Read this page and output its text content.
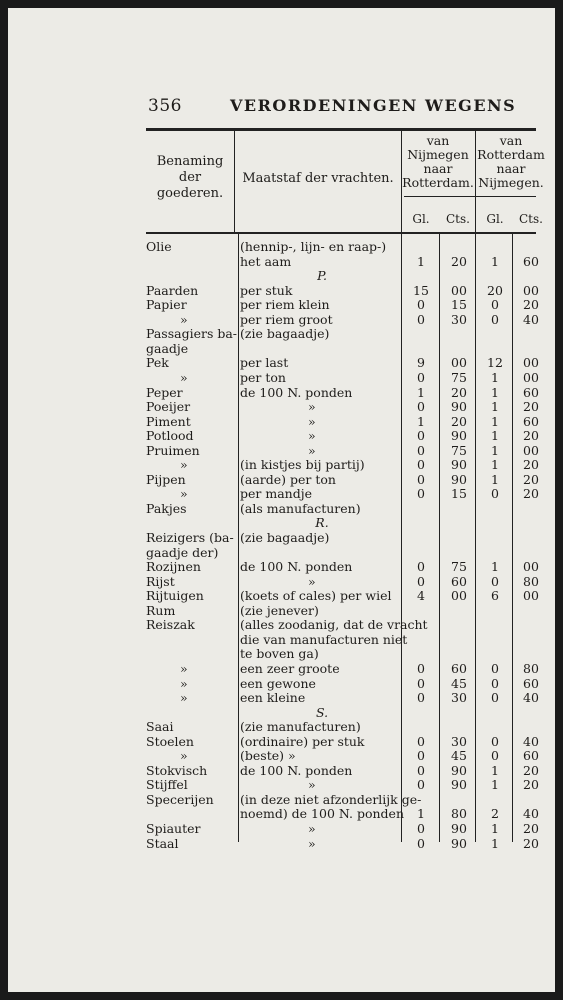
356	VERORDENINGEN WEGENS
Benaming
der
goederen.
Maatstaf der vrachten.
van
Nijmegen
naar
Rotterdam.
van
Rotterdam
naar
Nijmegen.
Gl.	Cts.	Gl.	Cts.
Olie	(hennip-, lijn- en raap-)
het aam	1	20	1	60
P.
Paarden	per stuk	15	00	20	00
Papier	per riem klein	0	15	0	20
»	per riem groot	0	30	0	40
Passagiers ba- (zie bagaadje)
gaadje
Pek	per last	9	00	12	00
»	per ton	0	75	1	00
Peper	de 100 N. ponden	1	20	1	60
Poeijer	»	0	90	1	20
Piment	»	1	20	1	60
Potlood	»	0	90	1	20
Pruimen	»	0	75	1	00
»	(in kistjes bij partij)	0	90	1	20
Pijpen	(aarde) per ton	0	90	1	20
»	per mandje	0	15	0	20
Pakjes	(als manufacturen)
R.
Reizigers (ba- (zie bagaadje)
gaadje der)
Rozijnen	de 100 N. ponden	0	75	1	00
Rijst	»	0	60	0	80
Rijtuigen	(koets of cales) per wiel	4	00	6	00
Rum	(zie jenever)
Reiszak	(alles zoodanig, dat de vracht
die van manufacturen niet
te boven ga)
»	een zeer groote	0	60	0	80
»	een gewone	0	45	0	60
»	een kleine	0	30	0	40
S.
Saai	(zie manufacturen)
Stoelen	(ordinaire) per stuk	0	30	0	40
»	(beste) »	0	45	0	60
Stokvisch	de 100 N. ponden	0	90	1	20
Stijffel	»	0	90	1	20
Specerijen (in deze niet afzonderlijk ge-
noemd) de 100 N. ponden	1	80	2	40
Spiauter	»	0	90	1	20
Staal	»	0	90	1	20
